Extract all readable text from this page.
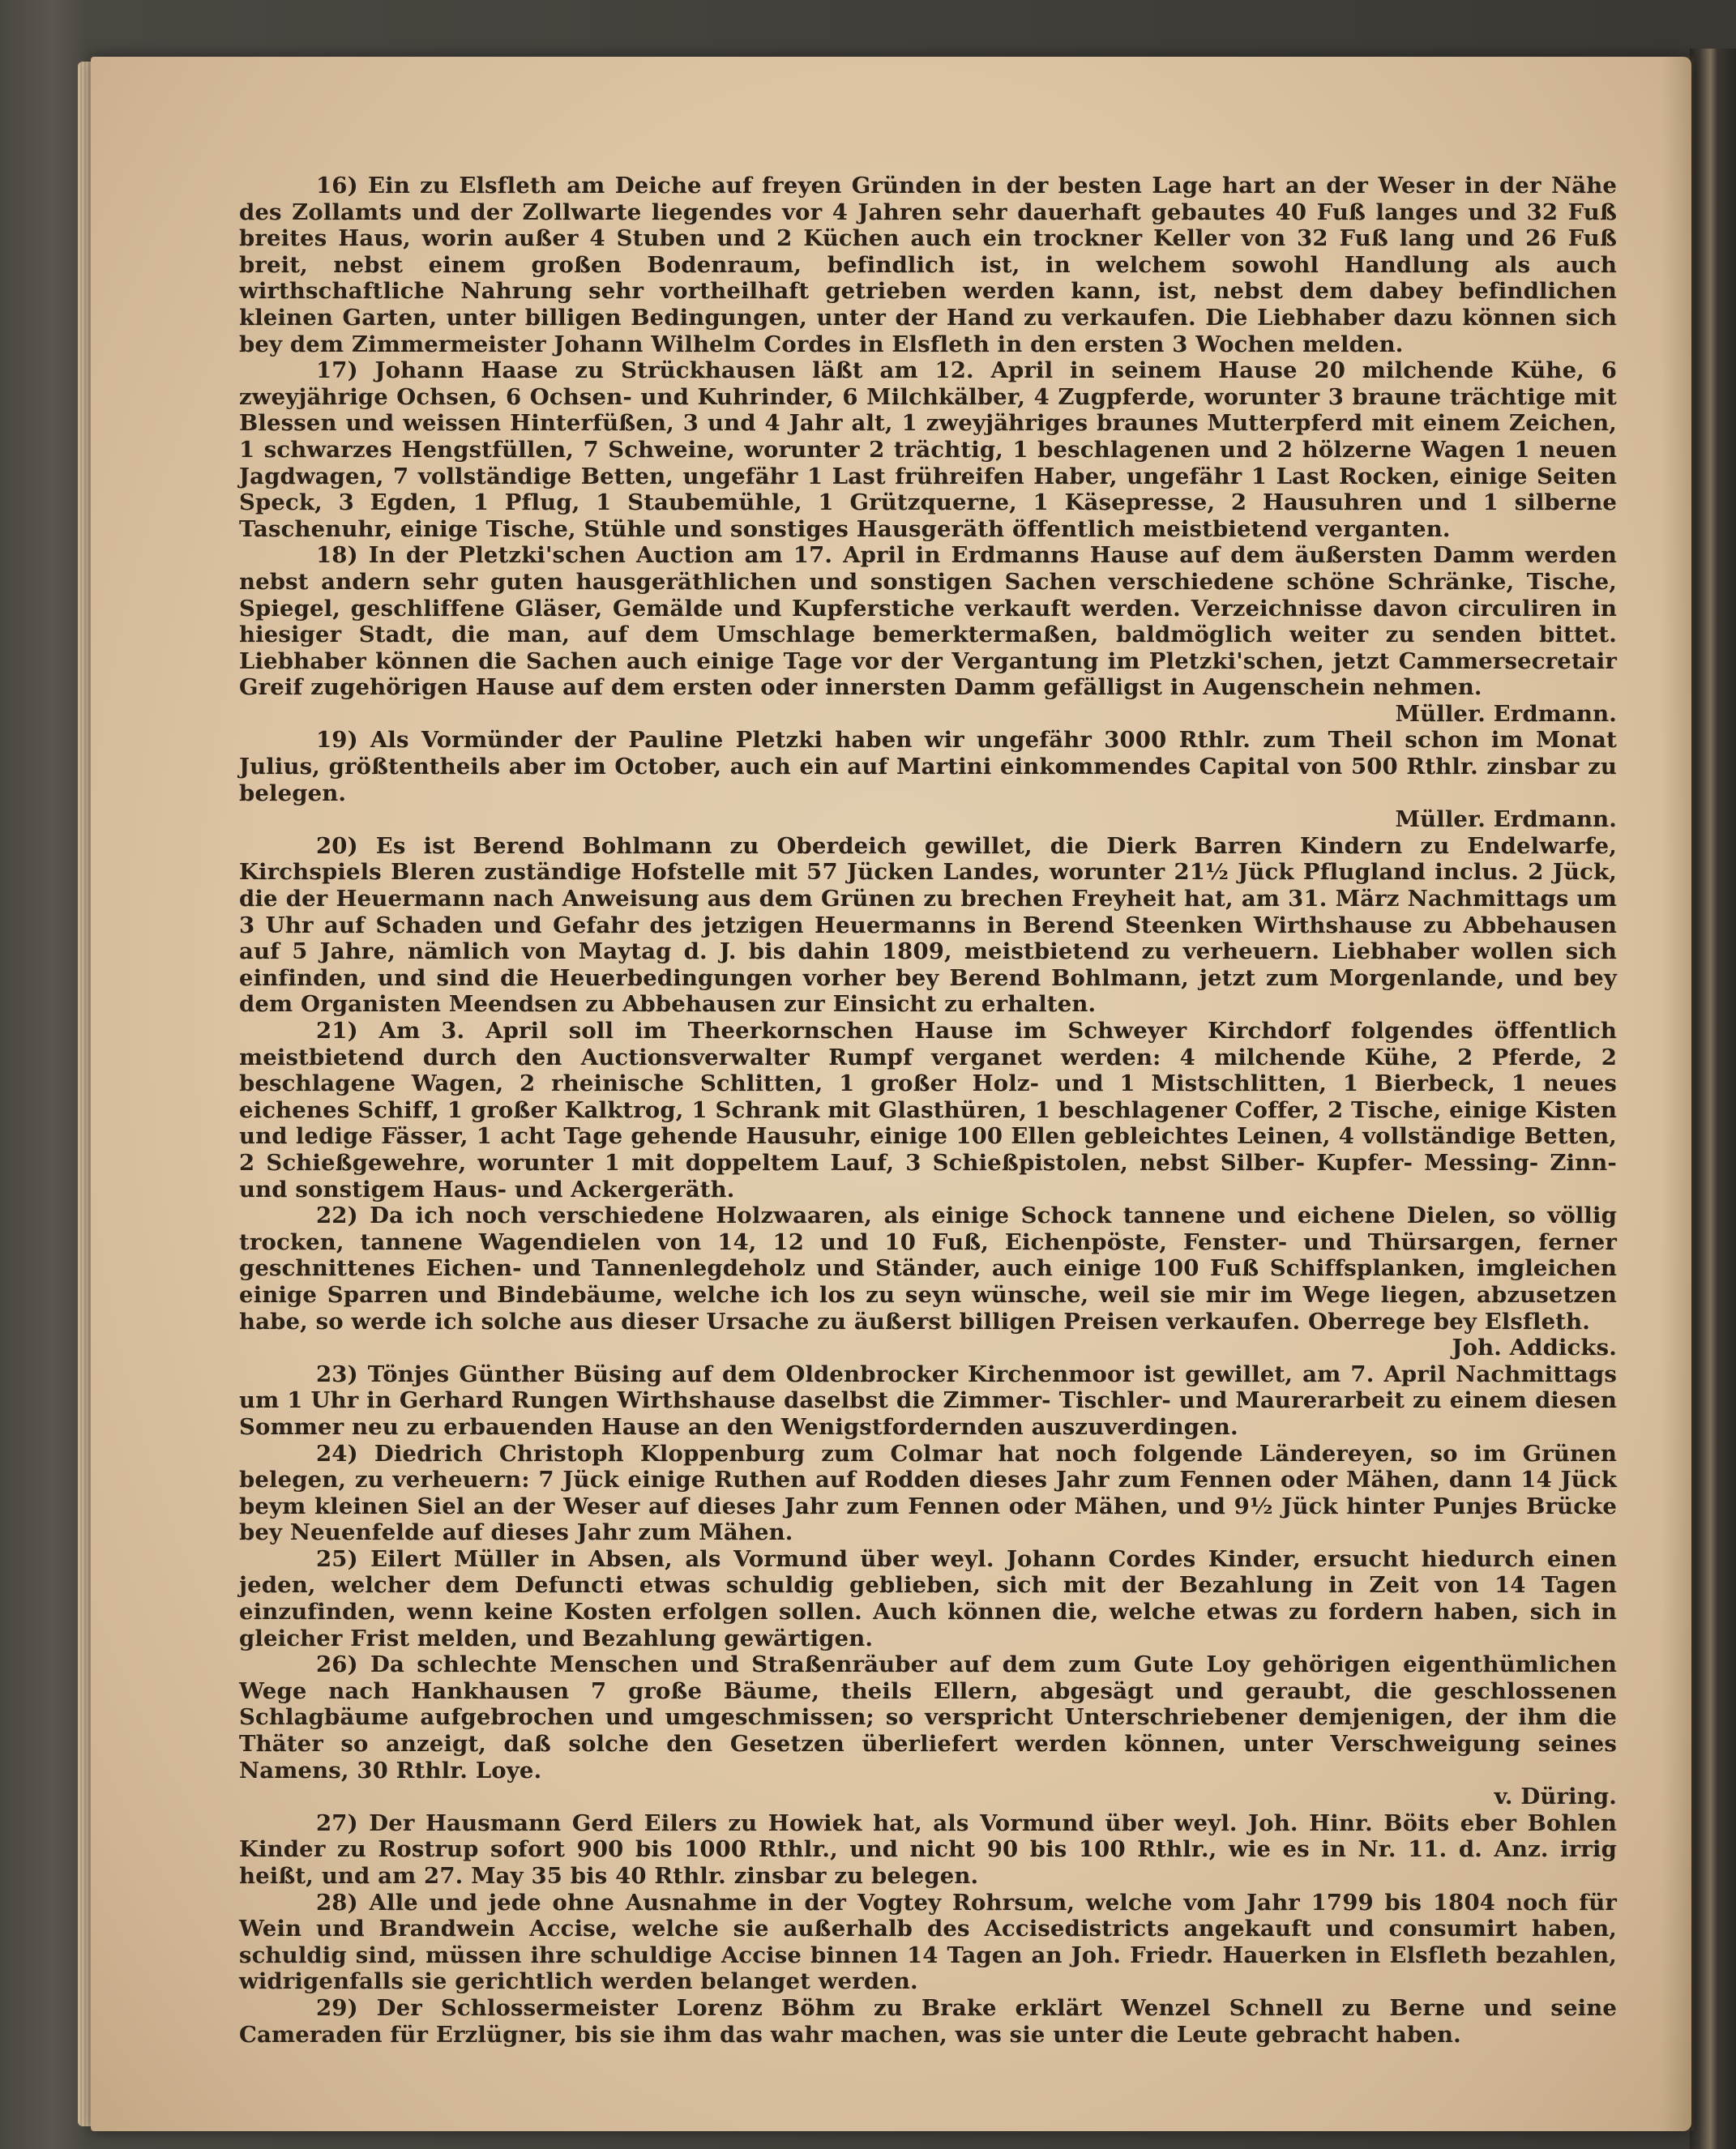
16) Ein zu Elsfleth am Deiche auf freyen Gründen in der besten Lage hart an der Weser in der Nähe des Zollamts und der Zollwarte liegendes vor 4 Jahren sehr dauerhaft gebautes 40 Fuß langes und 32 Fuß breites Haus, worin außer 4 Stuben und 2 Küchen auch ein trockner Keller von 32 Fuß lang und 26 Fuß breit, nebst einem großen Bodenraum, befindlich ist, in welchem sowohl Handlung als auch wirthschaftliche Nahrung sehr vortheilhaft getrieben werden kann, ist, nebst dem dabey befindlichen kleinen Garten, unter billigen Bedingungen, unter der Hand zu verkaufen. Die Liebhaber dazu können sich bey dem Zimmermeister Johann Wilhelm Cordes in Elsfleth in den ersten 3 Wochen melden.

17) Johann Haase zu Strückhausen läßt am 12. April in seinem Hause 20 milchende Kühe, 6 zweyjährige Ochsen, 6 Ochsen- und Kuhrinder, 6 Milchkälber, 4 Zugpferde, worunter 3 braune trächtige mit Blessen und weissen Hinterfüßen, 3 und 4 Jahr alt, 1 zweyjähriges braunes Mutterpferd mit einem Zeichen, 1 schwarzes Hengstfüllen, 7 Schweine, worunter 2 trächtig, 1 beschlagenen und 2 hölzerne Wagen 1 neuen Jagdwagen, 7 vollständige Betten, ungefähr 1 Last frühreifen Haber, ungefähr 1 Last Rocken, einige Seiten Speck, 3 Egden, 1 Pflug, 1 Staubemühle, 1 Grützquerne, 1 Käsepresse, 2 Hausuhren und 1 silberne Taschenuhr, einige Tische, Stühle und sonstiges Hausgeräth öffentlich meistbietend verganten.

18) In der Pletzki'schen Auction am 17. April in Erdmanns Hause auf dem äußersten Damm werden nebst andern sehr guten hausgeräthlichen und sonstigen Sachen verschiedene schöne Schränke, Tische, Spiegel, geschliffene Gläser, Gemälde und Kupferstiche verkauft werden. Verzeichnisse davon circuliren in hiesiger Stadt, die man, auf dem Umschlage bemerktermaßen, baldmöglich weiter zu senden bittet. Liebhaber können die Sachen auch einige Tage vor der Vergantung im Pletzki'schen, jetzt Cammersecretair Greif zugehörigen Hause auf dem ersten oder innersten Damm gefälligst in Augenschein nehmen.
Müller. Erdmann.

19) Als Vormünder der Pauline Pletzki haben wir ungefähr 3000 Rthlr. zum Theil schon im Monat Julius, größtentheils aber im October, auch ein auf Martini einkommendes Capital von 500 Rthlr. zinsbar zu belegen.
Müller. Erdmann.

20) Es ist Berend Bohlmann zu Oberdeich gewillet, die Dierk Barren Kindern zu Endelwarfe, Kirchspiels Bleren zuständige Hofstelle mit 57 Jücken Landes, worunter 21½ Jück Pflugland inclus. 2 Jück, die der Heuermann nach Anweisung aus dem Grünen zu brechen Freyheit hat, am 31. März Nachmittags um 3 Uhr auf Schaden und Gefahr des jetzigen Heuermanns in Berend Steenken Wirthshause zu Abbehausen auf 5 Jahre, nämlich von Maytag d. J. bis dahin 1809, meistbietend zu verheuern. Liebhaber wollen sich einfinden, und sind die Heuerbedingungen vorher bey Berend Bohlmann, jetzt zum Morgenlande, und bey dem Organisten Meendsen zu Abbehausen zur Einsicht zu erhalten.

21) Am 3. April soll im Theerkornschen Hause im Schweyer Kirchdorf folgendes öffentlich meistbietend durch den Auctionsverwalter Rumpf verganet werden: 4 milchende Kühe, 2 Pferde, 2 beschlagene Wagen, 2 rheinische Schlitten, 1 großer Holz- und 1 Mistschlitten, 1 Bierbeck, 1 neues eichenes Schiff, 1 großer Kalktrog, 1 Schrank mit Glasthüren, 1 beschlagener Coffer, 2 Tische, einige Kisten und ledige Fässer, 1 acht Tage gehende Hausuhr, einige 100 Ellen gebleichtes Leinen, 4 vollständige Betten, 2 Schießgewehre, worunter 1 mit doppeltem Lauf, 3 Schießpistolen, nebst Silber- Kupfer- Messing- Zinn- und sonstigem Haus- und Ackergeräth.

22) Da ich noch verschiedene Holzwaaren, als einige Schock tannene und eichene Dielen, so völlig trocken, tannene Wagendielen von 14, 12 und 10 Fuß, Eichenpöste, Fenster- und Thürsargen, ferner geschnittenes Eichen- und Tannenlegdeholz und Ständer, auch einige 100 Fuß Schiffsplanken, imgleichen einige Sparren und Bindebäume, welche ich los zu seyn wünsche, weil sie mir im Wege liegen, abzusetzen habe, so werde ich solche aus dieser Ursache zu äußerst billigen Preisen verkaufen. Oberrege bey Elsfleth.
Joh. Addicks.

23) Tönjes Günther Büsing auf dem Oldenbrocker Kirchenmoor ist gewillet, am 7. April Nachmittags um 1 Uhr in Gerhard Rungen Wirthshause daselbst die Zimmer- Tischler- und Maurerarbeit zu einem diesen Sommer neu zu erbauenden Hause an den Wenigstfordernden auszuverdingen.

24) Diedrich Christoph Kloppenburg zum Colmar hat noch folgende Ländereyen, so im Grünen belegen, zu verheuern: 7 Jück einige Ruthen auf Rodden dieses Jahr zum Fennen oder Mähen, dann 14 Jück beym kleinen Siel an der Weser auf dieses Jahr zum Fennen oder Mähen, und 9½ Jück hinter Punjes Brücke bey Neuenfelde auf dieses Jahr zum Mähen.

25) Eilert Müller in Absen, als Vormund über weyl. Johann Cordes Kinder, ersucht hiedurch einen jeden, welcher dem Defuncti etwas schuldig geblieben, sich mit der Bezahlung in Zeit von 14 Tagen einzufinden, wenn keine Kosten erfolgen sollen. Auch können die, welche etwas zu fordern haben, sich in gleicher Frist melden, und Bezahlung gewärtigen.

26) Da schlechte Menschen und Straßenräuber auf dem zum Gute Loy gehörigen eigenthümlichen Wege nach Hankhausen 7 große Bäume, theils Ellern, abgesägt und geraubt, die geschlossenen Schlagbäume aufgebrochen und umgeschmissen; so verspricht Unterschriebener demjenigen, der ihm die Thäter so anzeigt, daß solche den Gesetzen überliefert werden können, unter Verschweigung seines Namens, 30 Rthlr. Loye.
v. Düring.

27) Der Hausmann Gerd Eilers zu Howiek hat, als Vormund über weyl. Joh. Hinr. Böits eber Bohlen Kinder zu Rostrup sofort 900 bis 1000 Rthlr., und nicht 90 bis 100 Rthlr., wie es in Nr. 11. d. Anz. irrig heißt, und am 27. May 35 bis 40 Rthlr. zinsbar zu belegen.

28) Alle und jede ohne Ausnahme in der Vogtey Rohrsum, welche vom Jahr 1799 bis 1804 noch für Wein und Brandwein Accise, welche sie außerhalb des Accisedistricts angekauft und consumirt haben, schuldig sind, müssen ihre schuldige Accise binnen 14 Tagen an Joh. Friedr. Hauerken in Elsfleth bezahlen, widrigenfalls sie gerichtlich werden belanget werden.

29) Der Schlossermeister Lorenz Böhm zu Brake erklärt Wenzel Schnell zu Berne und seine Cameraden für Erzlügner, bis sie ihm das wahr machen, was sie unter die Leute gebracht haben.
